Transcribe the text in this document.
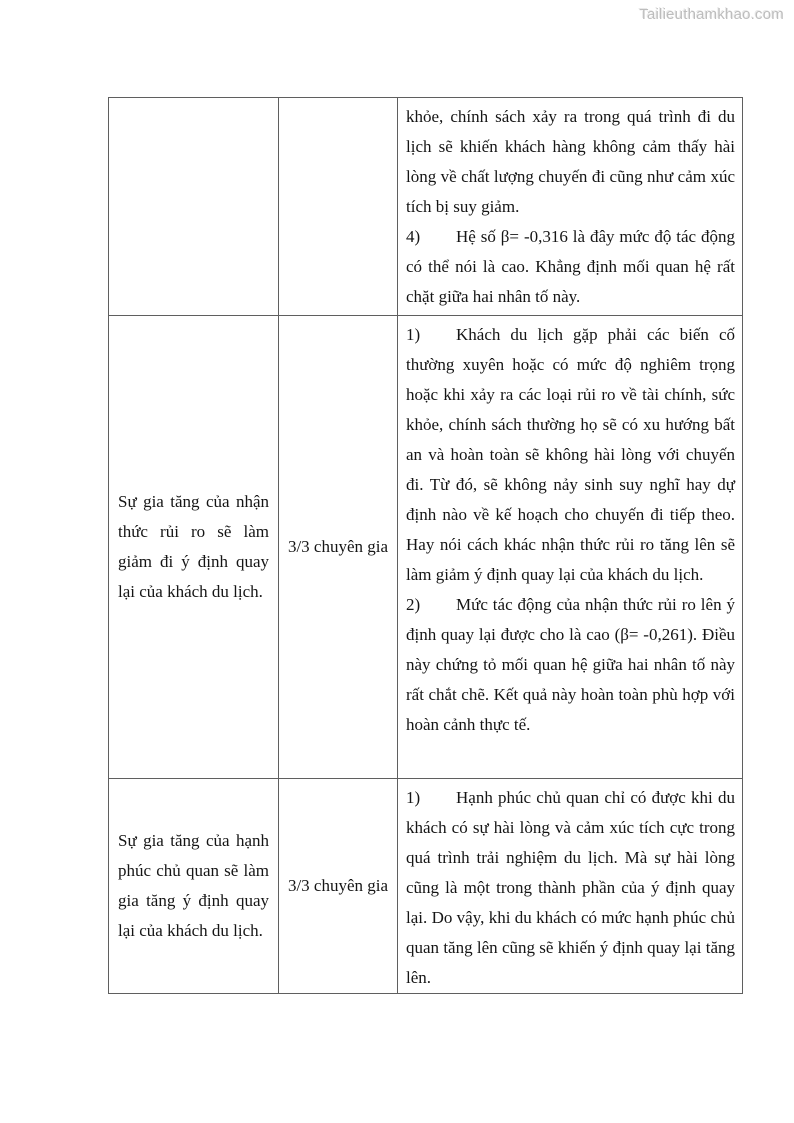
Tailieuthamkhao.com

		khỏe, chính sách xảy ra trong quá trình đi du lịch sẽ khiến khách hàng không cảm thấy hài lòng về chất lượng chuyến đi cũng như cảm xúc tích bị suy giảm.

4) Hệ số β= -0,316 là đây mức độ tác động có thể nói là cao. Khẳng định mối quan hệ rất chặt giữa hai nhân tố này.

Sự gia tăng của nhận thức rủi ro sẽ làm giảm đi ý định quay lại của khách du lịch.	3/3 chuyên gia	1) Khách du lịch gặp phải các biến cố thường xuyên hoặc có mức độ nghiêm trọng hoặc khi xảy ra các loại rủi ro về tài chính, sức khỏe, chính sách thường họ sẽ có xu hướng bất an và hoàn toàn sẽ không hài lòng với chuyến đi. Từ đó, sẽ không nảy sinh suy nghĩ hay dự định nào về kế hoạch cho chuyến đi tiếp theo. Hay nói cách khác nhận thức rủi ro tăng lên sẽ làm giảm ý định quay lại của khách du lịch.

2) Mức tác động của nhận thức rủi ro lên ý định quay lại được cho là cao (β= -0,261). Điều này chứng tỏ mối quan hệ giữa hai nhân tố này rất chắt chẽ. Kết quả này hoàn toàn phù hợp với hoàn cảnh thực tế.

Sự gia tăng của hạnh phúc chủ quan sẽ làm gia tăng ý định quay lại của khách du lịch.	3/3 chuyên gia	1) Hạnh phúc chủ quan chỉ có được khi du khách có sự hài lòng và cảm xúc tích cực trong quá trình trải nghiệm du lịch. Mà sự hài lòng cũng là một trong thành phần của ý định quay lại. Do vậy, khi du khách có mức hạnh phúc chủ quan tăng lên cũng sẽ khiến ý định quay lại tăng lên.
